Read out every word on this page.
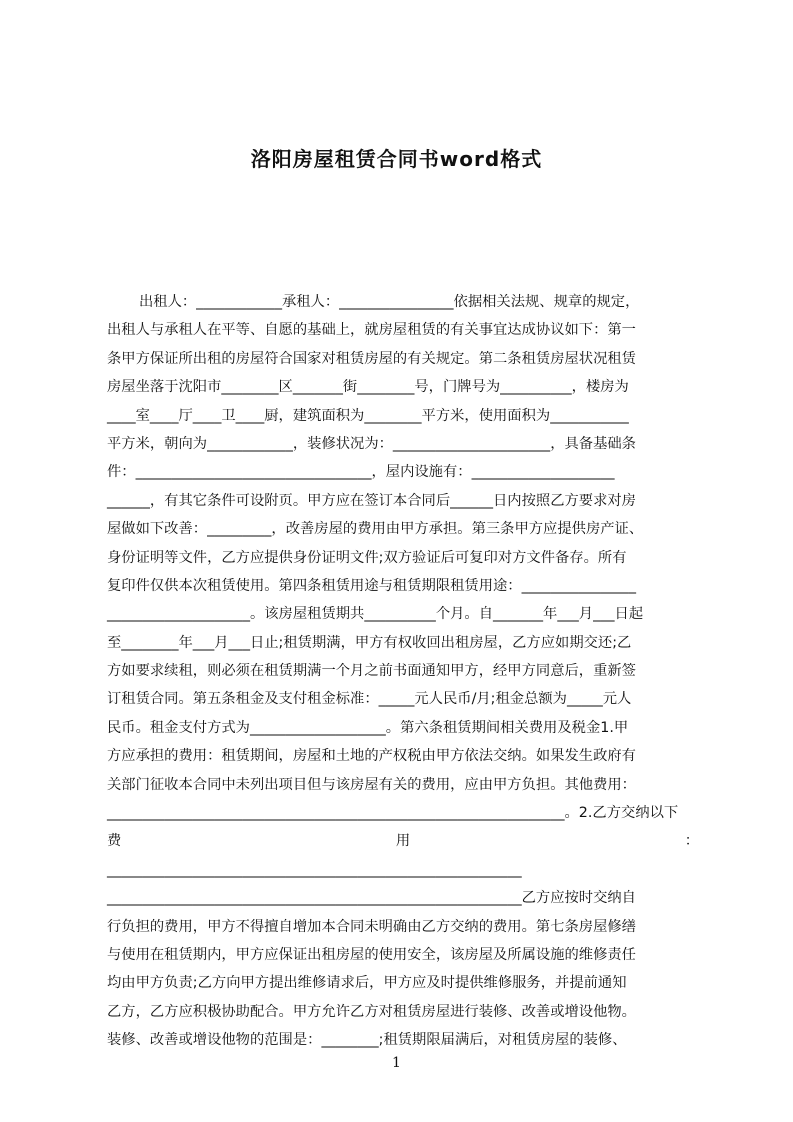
洛阳房屋租赁合同书word格式
出租人：____________承租人：________________依据相关法规、规章的规定，
出租人与承租人在平等、自愿的基础上，就房屋租赁的有关事宜达成协议如下：第一
条甲方保证所出租的房屋符合国家对租赁房屋的有关规定。第二条租赁房屋状况租赁
房屋坐落于沈阳市________区_______街________号，门牌号为__________，楼房为
____室____厅____卫____厨，建筑面积为________平方米，使用面积为___________
平方米，朝向为____________，装修状况为：______________________，具备基础条
件：_________________________________，屋内设施有：____________________
______，有其它条件可设附页。甲方应在签订本合同后______日内按照乙方要求对房
屋做如下改善：_________，改善房屋的费用由甲方承担。第三条甲方应提供房产证、
身份证明等文件，乙方应提供身份证明文件;双方验证后可复印对方文件备存。所有
复印件仅供本次租赁使用。第四条租赁用途与租赁期限租赁用途：________________
____________________。该房屋租赁期共__________个月。自_______年___月___日起
至________年___月___日止;租赁期满，甲方有权收回出租房屋，乙方应如期交还;乙
方如要求续租，则必须在租赁期满一个月之前书面通知甲方，经甲方同意后，重新签
订租赁合同。第五条租金及支付租金标准：_____元人民币/月;租金总额为_____元人
民币。租金支付方式为___________________。第六条租赁期间相关费用及税金1.甲
方应承担的费用：租赁期间，房屋和土地的产权税由甲方依法交纳。如果发生政府有
关部门征收本合同中未列出项目但与该房屋有关的费用，应由甲方负担。其他费用：
________________________________________________________________。2.乙方交纳以下
费	用	：
__________________________________________________________
__________________________________________________________乙方应按时交纳自
行负担的费用，甲方不得擅自增加本合同未明确由乙方交纳的费用。第七条房屋修缮
与使用在租赁期内，甲方应保证出租房屋的使用安全，该房屋及所属设施的维修责任
均由甲方负责;乙方向甲方提出维修请求后，甲方应及时提供维修服务，并提前通知
乙方，乙方应积极协助配合。甲方允许乙方对租赁房屋进行装修、改善或增设他物。
装修、改善或增设他物的范围是：________;租赁期限届满后，对租赁房屋的装修、
1
